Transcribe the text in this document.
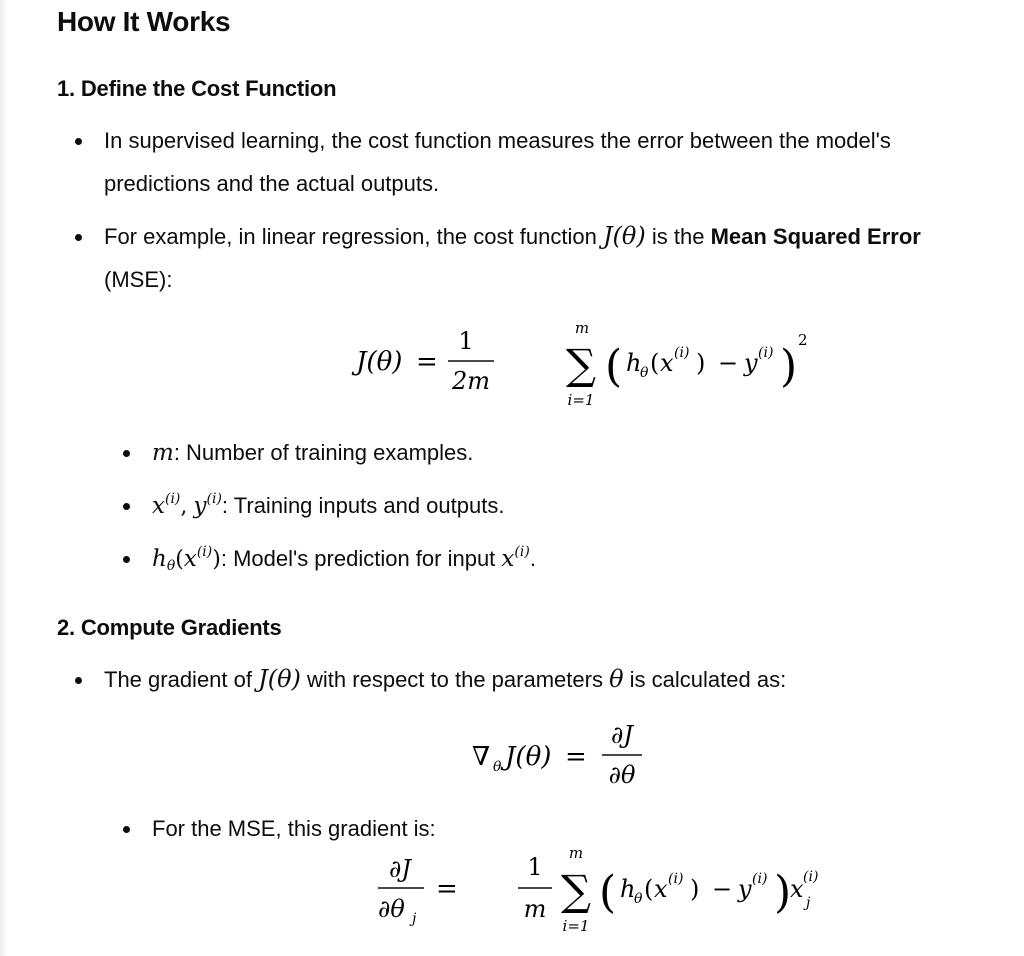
How It Works
1. Define the Cost Function
In supervised learning, the cost function measures the error between the model's
predictions and the actual outputs.
For example, in linear regression, the cost function J(θ) is the Mean Squared Error
(MSE):
J(θ) =
1
2m
m
∑
i=1
( h
θ ( x (i) ) − y (i) )
2
m: Number of training examples.
$x^{(i)}$, $y^{(i)}$: Training inputs and outputs.
$h_\theta(x^{(i)})$: Model's prediction for input $x^{(i)}$.
2. Compute Gradients
The gradient of J(θ) with respect to the parameters θ is calculated as:
∇ θ J(θ) =
∂J
∂θ
For the MSE, this gradient is:
∂J
∂θ j
=
1
m
m
∑
i=1
( h
θ ( x (i) ) − y (i) )
x (i)
j
